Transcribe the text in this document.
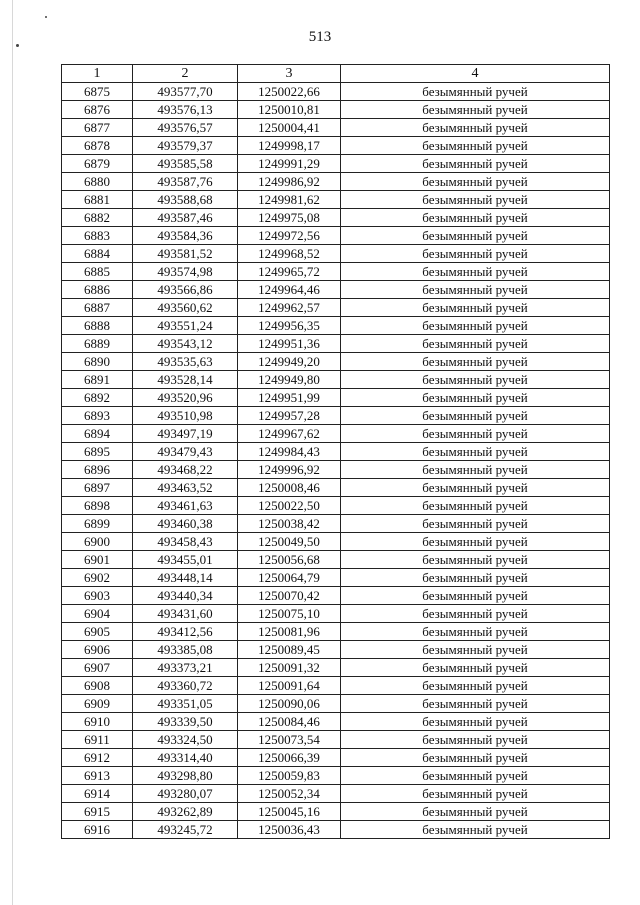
513
1	2	3	4
6875	493577,70	1250022,66	безымянный ручей
6876	493576,13	1250010,81	безымянный ручей
6877	493576,57	1250004,41	безымянный ручей
6878	493579,37	1249998,17	безымянный ручей
6879	493585,58	1249991,29	безымянный ручей
6880	493587,76	1249986,92	безымянный ручей
6881	493588,68	1249981,62	безымянный ручей
6882	493587,46	1249975,08	безымянный ручей
6883	493584,36	1249972,56	безымянный ручей
6884	493581,52	1249968,52	безымянный ручей
6885	493574,98	1249965,72	безымянный ручей
6886	493566,86	1249964,46	безымянный ручей
6887	493560,62	1249962,57	безымянный ручей
6888	493551,24	1249956,35	безымянный ручей
6889	493543,12	1249951,36	безымянный ручей
6890	493535,63	1249949,20	безымянный ручей
6891	493528,14	1249949,80	безымянный ручей
6892	493520,96	1249951,99	безымянный ручей
6893	493510,98	1249957,28	безымянный ручей
6894	493497,19	1249967,62	безымянный ручей
6895	493479,43	1249984,43	безымянный ручей
6896	493468,22	1249996,92	безымянный ручей
6897	493463,52	1250008,46	безымянный ручей
6898	493461,63	1250022,50	безымянный ручей
6899	493460,38	1250038,42	безымянный ручей
6900	493458,43	1250049,50	безымянный ручей
6901	493455,01	1250056,68	безымянный ручей
6902	493448,14	1250064,79	безымянный ручей
6903	493440,34	1250070,42	безымянный ручей
6904	493431,60	1250075,10	безымянный ручей
6905	493412,56	1250081,96	безымянный ручей
6906	493385,08	1250089,45	безымянный ручей
6907	493373,21	1250091,32	безымянный ручей
6908	493360,72	1250091,64	безымянный ручей
6909	493351,05	1250090,06	безымянный ручей
6910	493339,50	1250084,46	безымянный ручей
6911	493324,50	1250073,54	безымянный ручей
6912	493314,40	1250066,39	безымянный ручей
6913	493298,80	1250059,83	безымянный ручей
6914	493280,07	1250052,34	безымянный ручей
6915	493262,89	1250045,16	безымянный ручей
6916	493245,72	1250036,43	безымянный ручей
